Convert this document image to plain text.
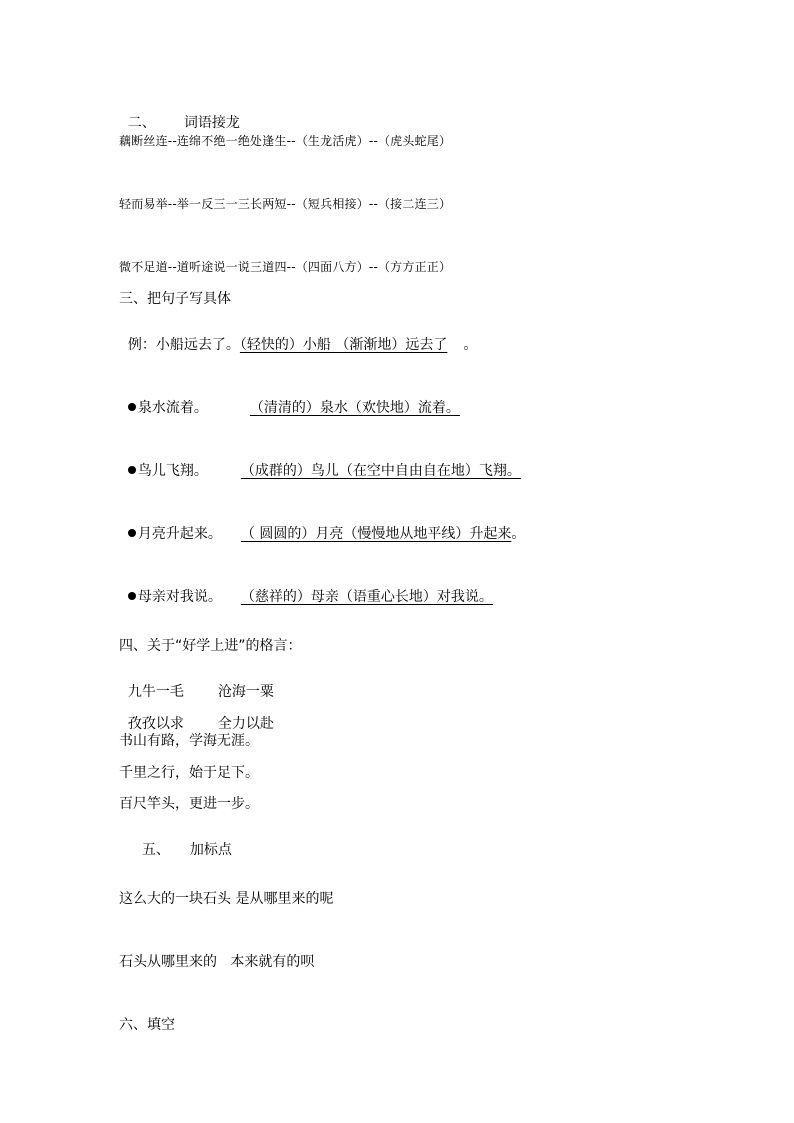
二、 词语接龙

藕断丝连--连绵不绝一绝处逢生--（生龙活虎）--（虎头蛇尾）
轻而易举--举一反三一三长两短--（短兵相接）--（接二连三）
微不足道--道听途说一说三道四--（四面八方）--（方方正正）
三、把句子写具体

例：小船远去了。（轻快的）小船 （渐渐地）远去了 。

泉水流着。	（清清的）泉水（欢快地）流着。

鸟儿飞翔。 （成群的）鸟儿（在空中自由自在地）飞翔。

月亮升起来。 （ 圆圆的）月亮（慢慢地从地平线）升起来。

母亲对我说。 （慈祥的）母亲（语重心长地）对我说。

四、关于“好学上进”的格言：

九牛一毛 沧海一粟

孜孜以求 全力以赴

书山有路，学海无涯。
千里之行，始于足下。
百尺竿头，更进一步。

五、 加标点

这么大的一块石头 是从哪里来的呢
石头从哪里来的   本来就有的呗
六、填空
